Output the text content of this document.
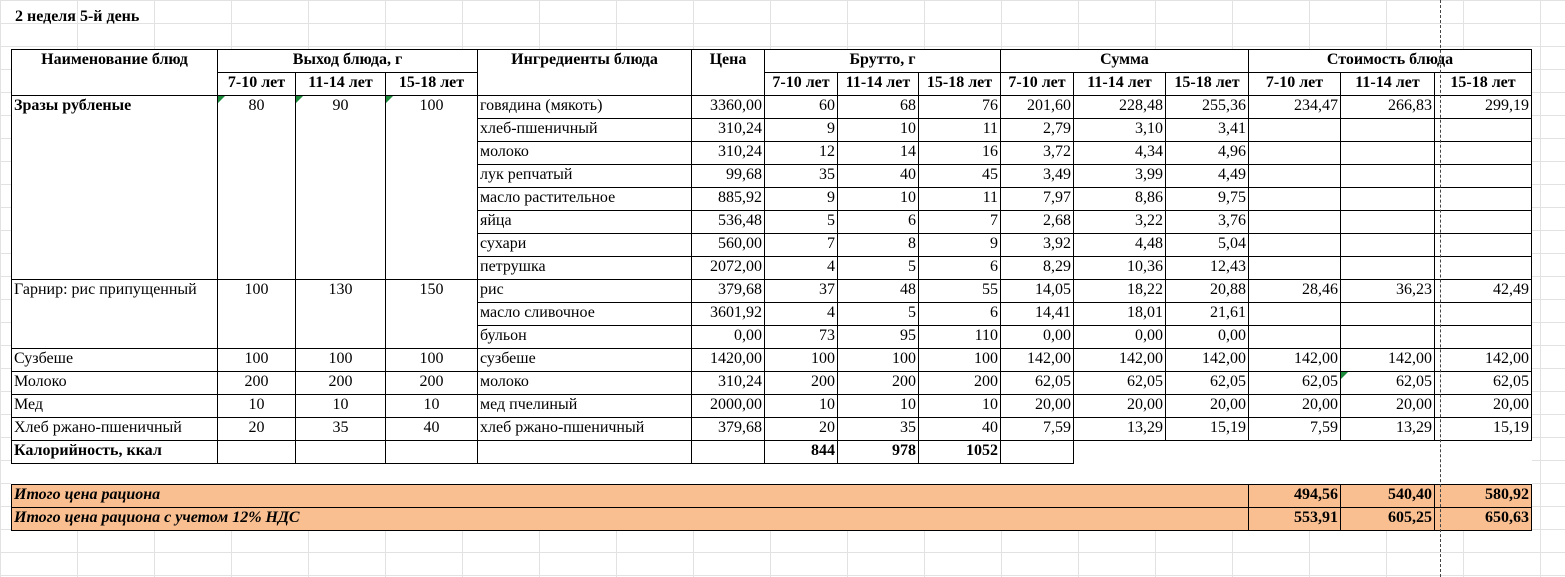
2 неделя 5-й день
Наименование блюд	Выход блюда, г			Ингредиенты блюда	Цена	Брутто, г			Сумма			Стоимость блюда		
	7-10 лет	11-14 лет	15-18 лет			7-10 лет	11-14 лет	15-18 лет	7-10 лет	11-14 лет	15-18 лет	7-10 лет	11-14 лет	15-18 лет
Зразы рубленые	80	90	100	говядина (мякоть)	3360,00	60	68	76	201,60	228,48	255,36	234,47	266,83	299,19
				хлеб-пшеничный	310,24	9	10	11	2,79	3,10	3,41			
				молоко	310,24	12	14	16	3,72	4,34	4,96			
				лук репчатый	99,68	35	40	45	3,49	3,99	4,49			
				масло растительное	885,92	9	10	11	7,97	8,86	9,75			
				яйца	536,48	5	6	7	2,68	3,22	3,76			
				сухари	560,00	7	8	9	3,92	4,48	5,04			
				петрушка	2072,00	4	5	6	8,29	10,36	12,43			
Гарнир: рис припущенный	100	130	150	рис	379,68	37	48	55	14,05	18,22	20,88	28,46	36,23	42,49
				масло сливочное	3601,92	4	5	6	14,41	18,01	21,61			
				бульон	0,00	73	95	110	0,00	0,00	0,00			
Сузбеше	100	100	100	сузбеше	1420,00	100	100	100	142,00	142,00	142,00	142,00	142,00	142,00
Молоко	200	200	200	молоко	310,24	200	200	200	62,05	62,05	62,05	62,05	62,05	62,05
Мед	10	10	10	мед пчелиный	2000,00	10	10	10	20,00	20,00	20,00	20,00	20,00	20,00
Хлеб ржано-пшеничный	20	35	40	хлеб ржано-пшеничный	379,68	20	35	40	7,59	13,29	15,19	7,59	13,29	15,19
Калорийность, ккал						844	978	1052						

Итого цена рациона												494,56	540,40	580,92
Итого цена рациона с учетом 12% НДС												553,91	605,25	650,63
